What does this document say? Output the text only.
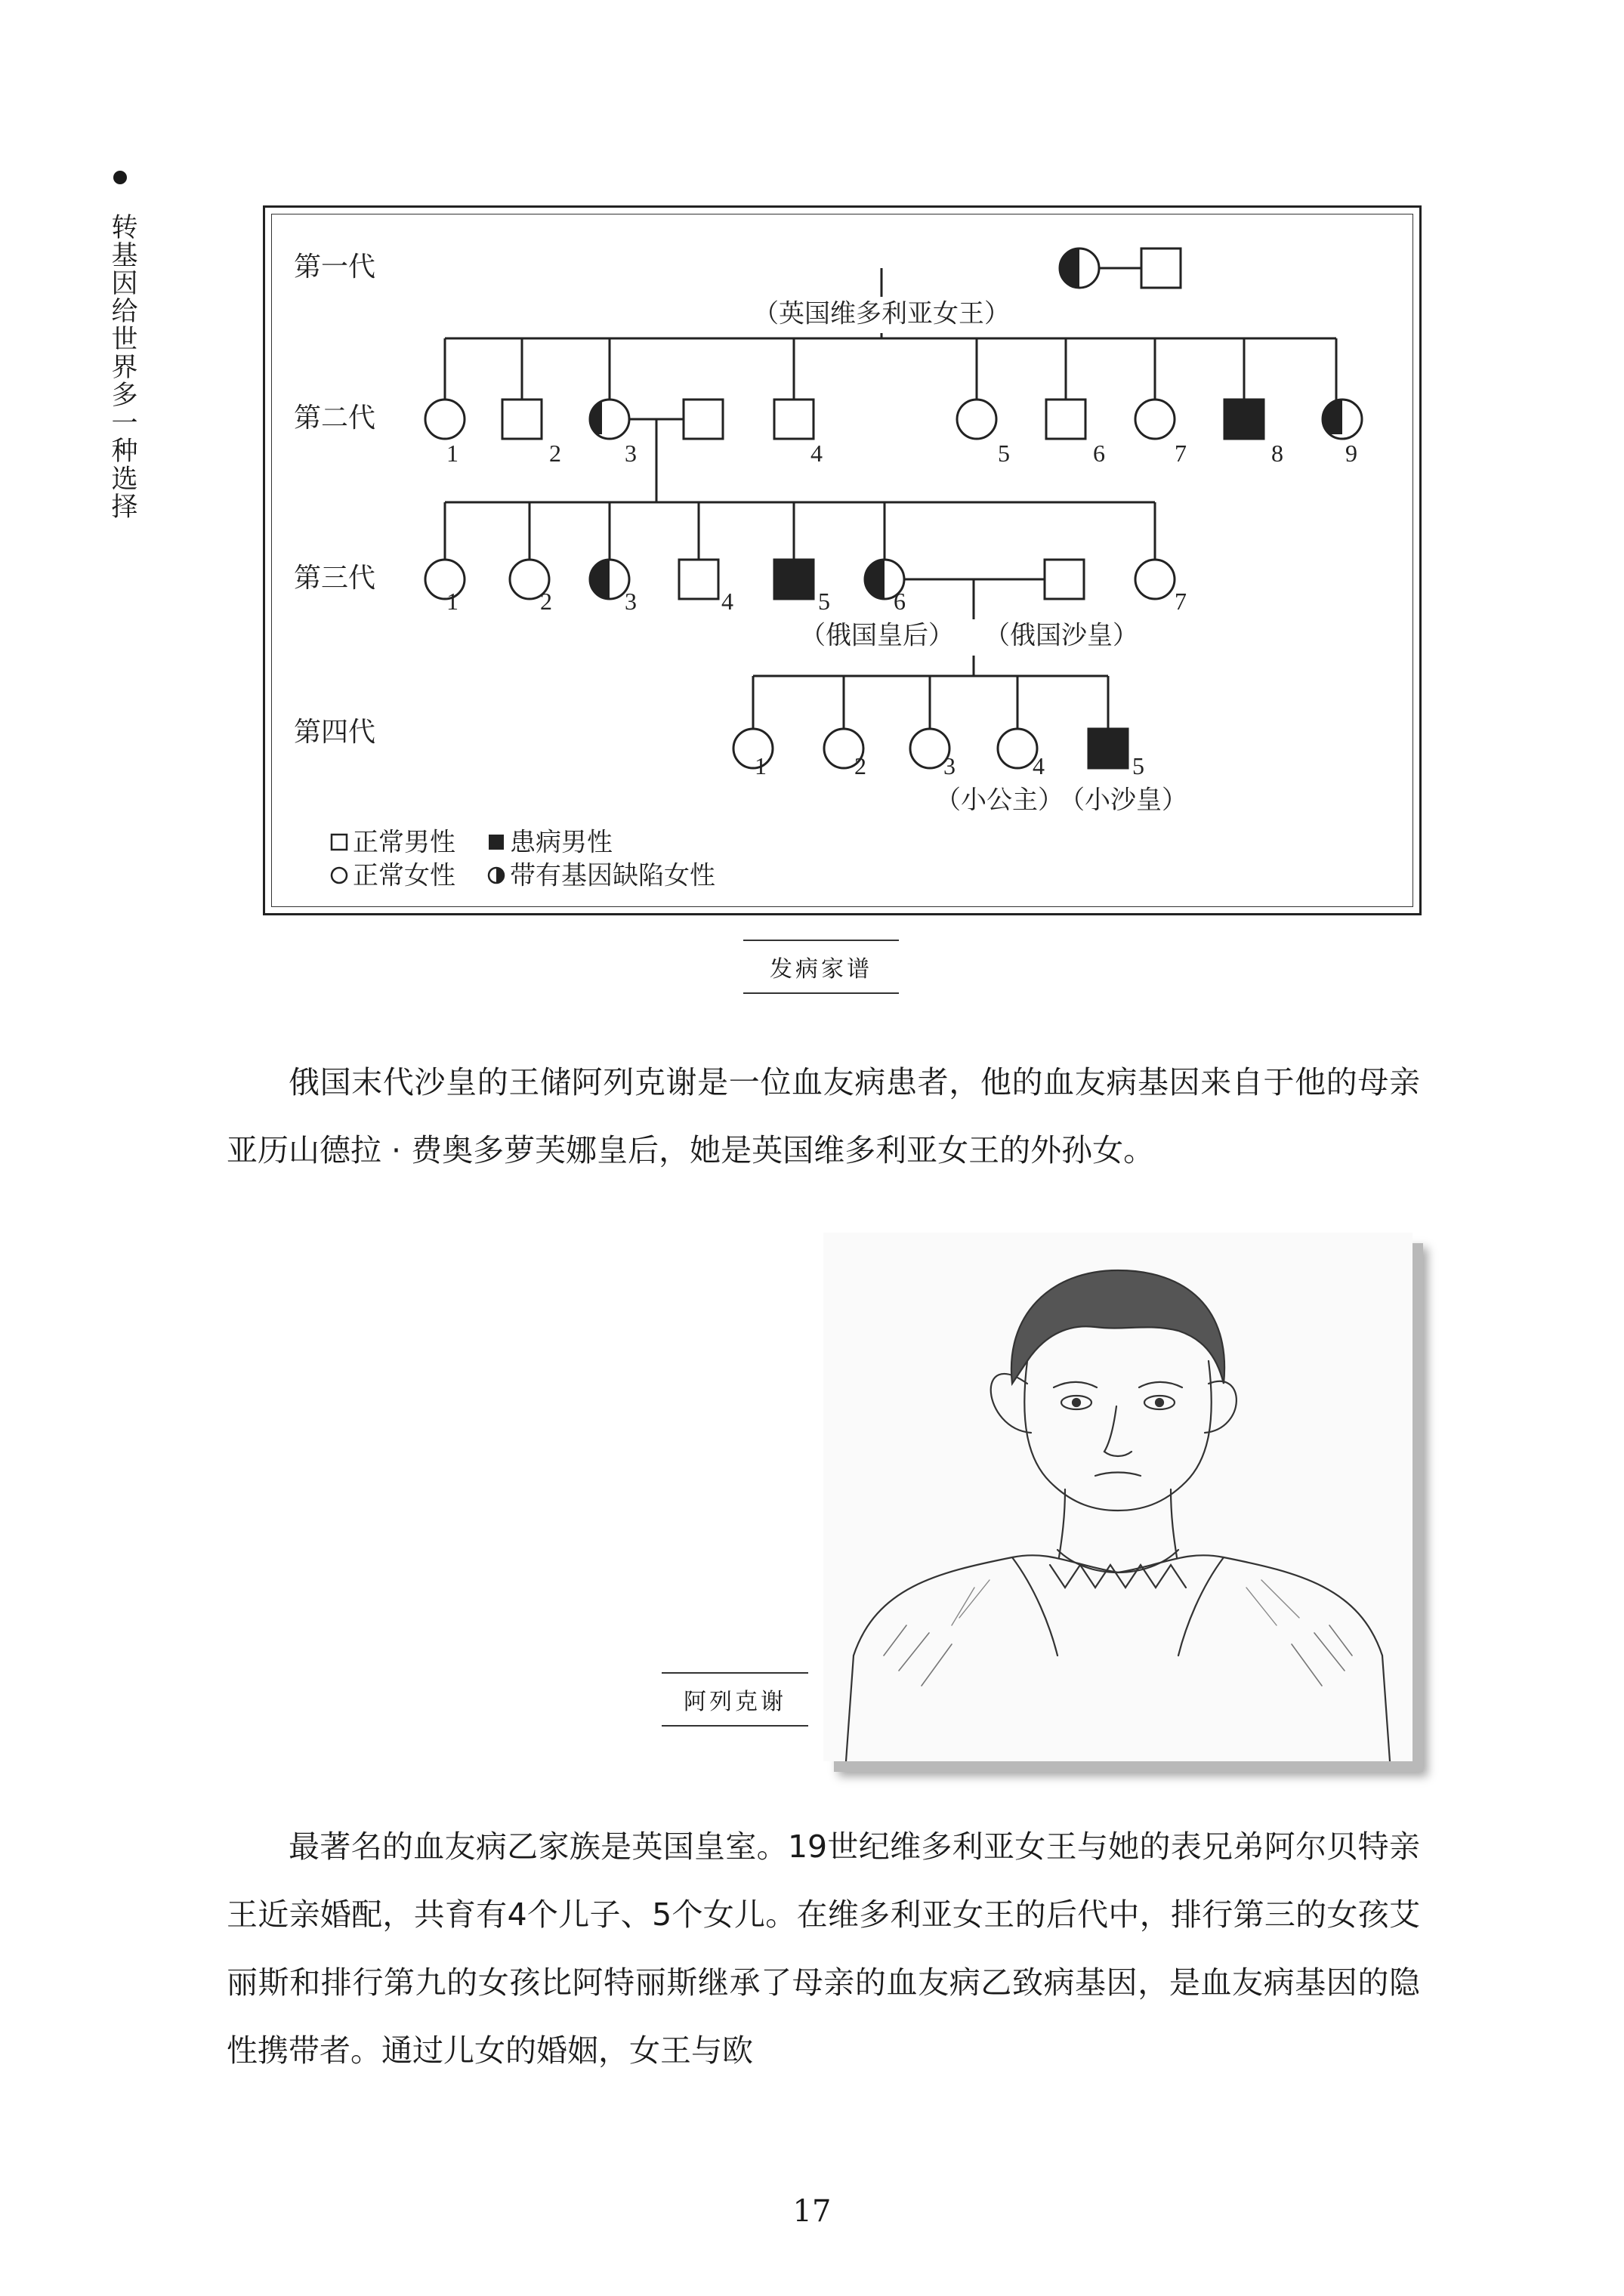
转基因给世界多一种选择	第一代
第二代
第三代
第四代
（英国维多利亚女王）
（俄国皇后） （俄国沙皇）
（小公主）
（小沙皇）
1	2	3	4	5	6	7	8	9
1	2	3	4	5	6	7
1	2	3	4	5
正常男性 患病男性
正常女性 带有基因缺陷女性
发病家谱

俄国末代沙皇的王储阿列克谢是一位血友病患者，他的血友病基因来自于他的母亲亚历山德拉 · 费奥多萝芙娜皇后，她是英国维多利亚女王的外孙女。

阿列克谢

最著名的血友病乙家族是英国皇室。19世纪维多利亚女王与她的表兄弟阿尔贝特亲王近亲婚配，共育有4个儿子、5个女儿。在维多利亚女王的后代中，排行第三的女孩艾丽斯和排行第九的女孩比阿特丽斯继承了母亲的血友病乙致病基因，是血友病基因的隐性携带者。通过儿女的婚姻，女王与欧

17
